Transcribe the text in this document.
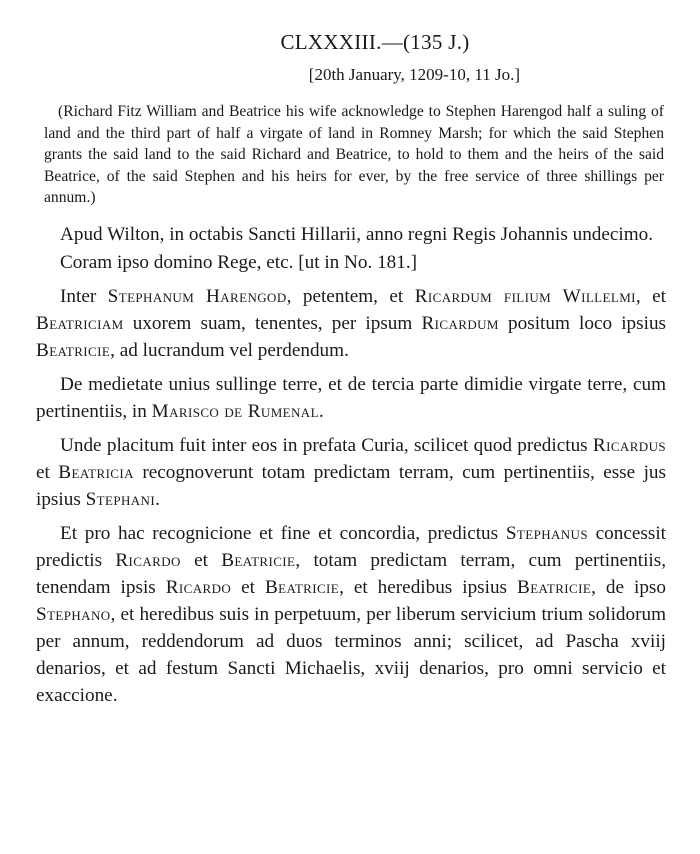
CLXXXIII.—(135 J.)
[20th January, 1209-10, 11 Jo.]

(Richard Fitz William and Beatrice his wife acknowledge to Stephen Harengod half a suling of land and the third part of half a virgate of land in Romney Marsh; for which the said Stephen grants the said land to the said Richard and Beatrice, to hold to them and the heirs of the said Beatrice, of the said Stephen and his heirs for ever, by the free service of three shillings per annum.)

Apud Wilton, in octabis Sancti Hillarii, anno regni Regis Johannis undecimo.

Coram ipso domino Rege, etc. [ut in No. 181.]

Inter Stephanum Harengod, petentem, et Ricardum filium Willelmi, et Beatriciam uxorem suam, tenentes, per ipsum Ricardum positum loco ipsius Beatricie, ad lucrandum vel perdendum.

De medietate unius sullinge terre, et de tercia parte dimidie virgate terre, cum pertinentiis, in Marisco de Rumenal.

Unde placitum fuit inter eos in prefata Curia, scilicet quod predictus Ricardus et Beatricia recognoverunt totam predictam terram, cum pertinentiis, esse jus ipsius Stephani.

Et pro hac recognicione et fine et concordia, predictus Stephanus concessit predictis Ricardo et Beatricie, totam predictam terram, cum pertinentiis, tenendam ipsis Ricardo et Beatricie, et heredibus ipsius Beatricie, de ipso Stephano, et heredibus suis in perpetuum, per liberum servicium trium solidorum per annum, reddendorum ad duos terminos anni; scilicet, ad Pascha xviij denarios, et ad festum Sancti Michaelis, xviij denarios, pro omni servicio et exaccione.
